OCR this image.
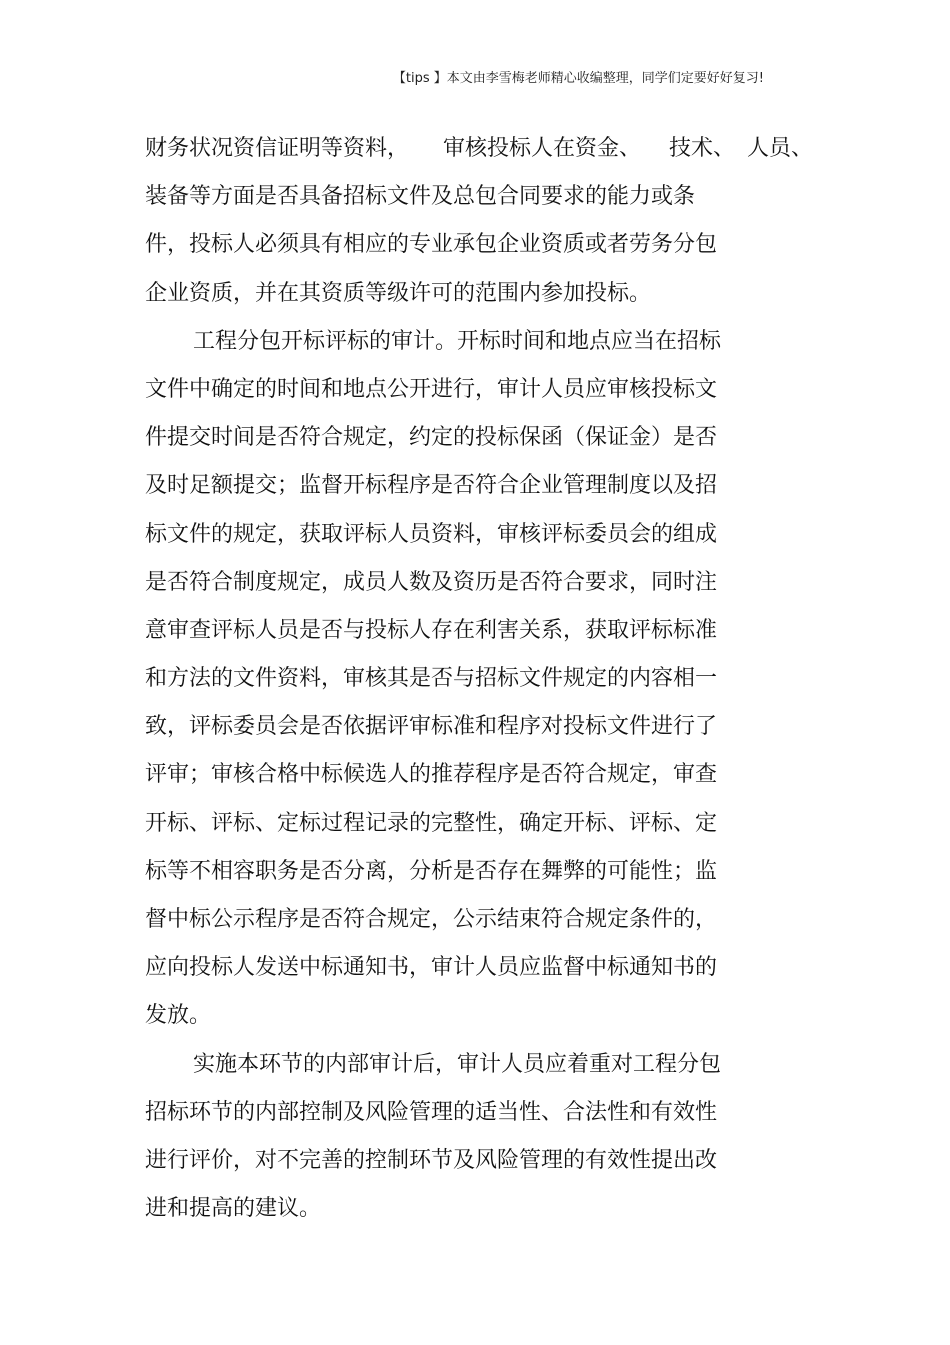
【tips 】本文由李雪梅老师精心收编整理，同学们定要好好复习!
财务状况资信证明等资料， 审核投标人在资金、 技术、 人员、
装备等方面是否具备招标文件及总包合同要求的能力或条
件，投标人必须具有相应的专业承包企业资质或者劳务分包
企业资质，并在其资质等级许可的范围内参加投标。
工程分包开标评标的审计。开标时间和地点应当在招标
文件中确定的时间和地点公开进行，审计人员应审核投标文
件提交时间是否符合规定，约定的投标保函（保证金）是否
及时足额提交；监督开标程序是否符合企业管理制度以及招
标文件的规定，获取评标人员资料，审核评标委员会的组成
是否符合制度规定，成员人数及资历是否符合要求，同时注
意审查评标人员是否与投标人存在利害关系，获取评标标准
和方法的文件资料，审核其是否与招标文件规定的内容相一
致，评标委员会是否依据评审标准和程序对投标文件进行了
评审；审核合格中标候选人的推荐程序是否符合规定，审查
开标、评标、定标过程记录的完整性，确定开标、评标、定
标等不相容职务是否分离，分析是否存在舞弊的可能性；监
督中标公示程序是否符合规定，公示结束符合规定条件的，
应向投标人发送中标通知书，审计人员应监督中标通知书的
发放。
实施本环节的内部审计后，审计人员应着重对工程分包
招标环节的内部控制及风险管理的适当性、合法性和有效性
进行评价，对不完善的控制环节及风险管理的有效性提出改
进和提高的建议。
